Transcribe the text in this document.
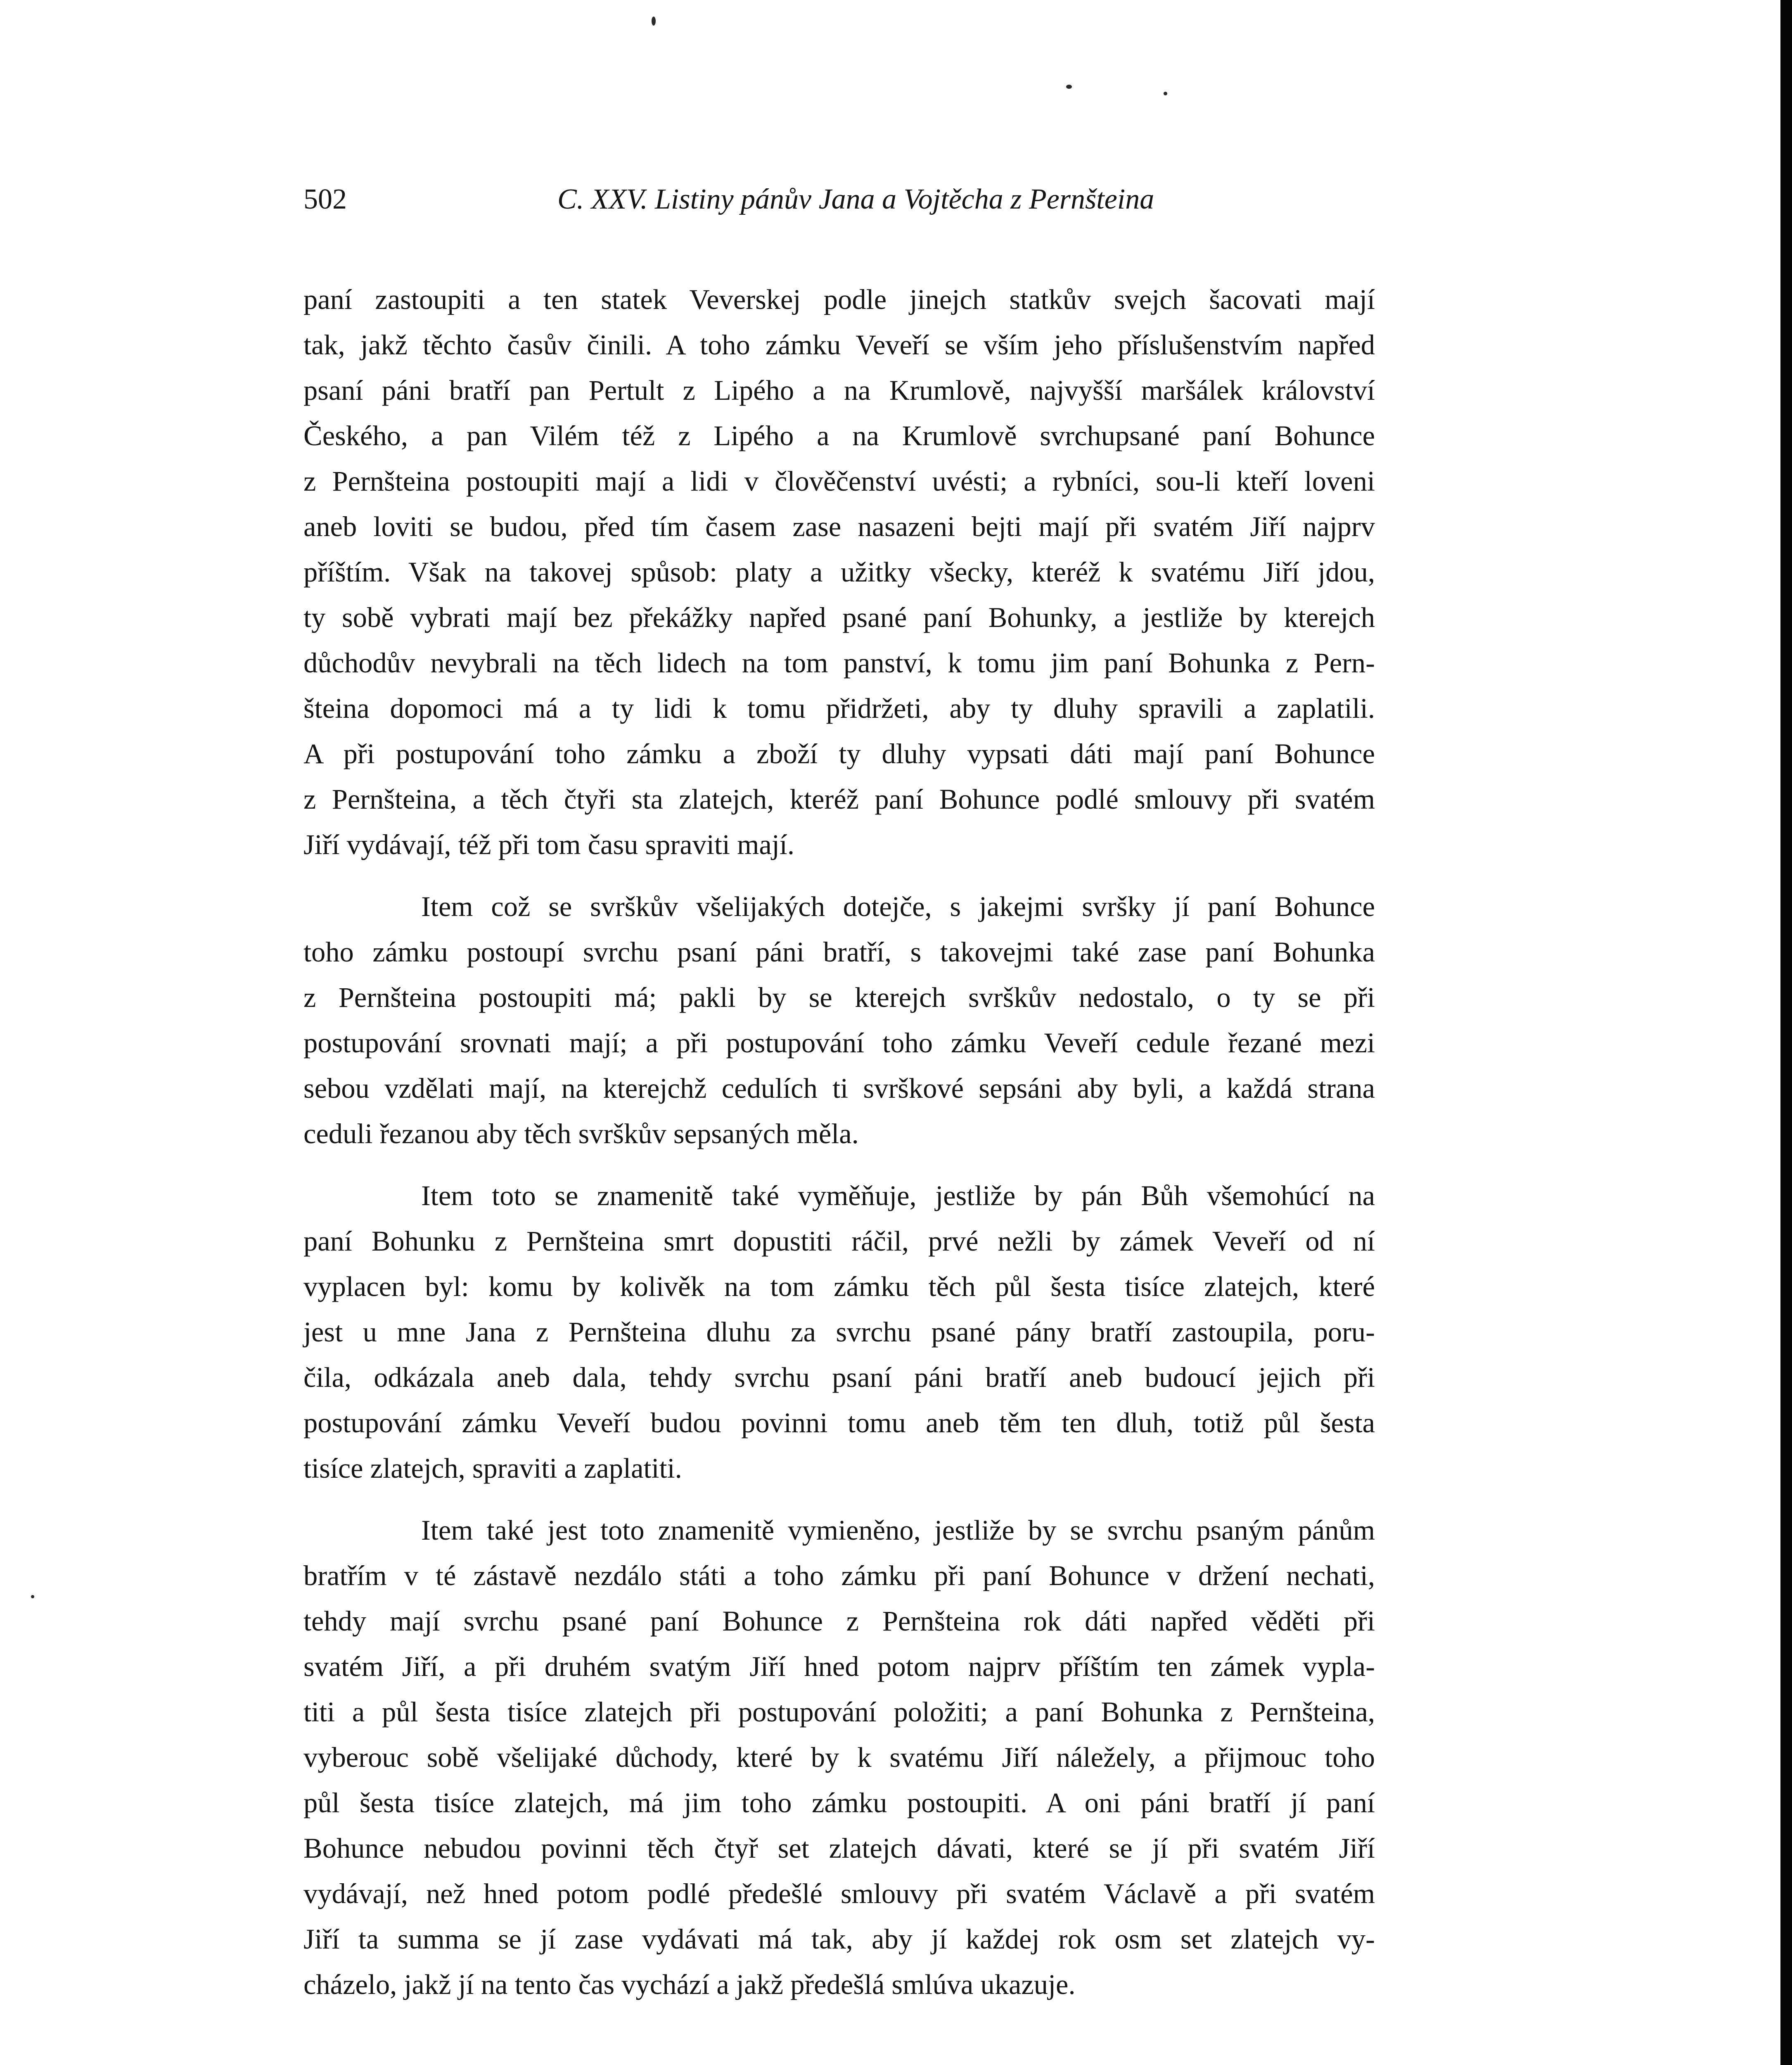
502	C. XXV. Listiny pánův Jana a Vojtěcha z Pernšteina

paní zastoupiti a ten statek Veverskej podle jinejch statkův svejch šacovati mají
tak, jakž těchto časův činili. A toho zámku Veveří se vším jeho příslušenstvím napřed
psaní páni bratří pan Pertult z Lipého a na Krumlově, najvyšší maršálek království
Českého, a pan Vilém též z Lipého a na Krumlově svrchupsané paní Bohunce
z Pernšteina postoupiti mají a lidi v člověčenství uvésti; a rybníci, sou-li kteří loveni
aneb loviti se budou, před tím časem zase nasazeni bejti mají při svatém Jiří najprv
příštím. Však na takovej spůsob: platy a užitky všecky, kteréž k svatému Jiří jdou,
ty sobě vybrati mají bez překážky napřed psané paní Bohunky, a jestliže by kterejch
důchodův nevybrali na těch lidech na tom panství, k tomu jim paní Bohunka z Pern-
šteina dopomoci má a ty lidi k tomu přidržeti, aby ty dluhy spravili a zaplatili.
A při postupování toho zámku a zboží ty dluhy vypsati dáti mají paní Bohunce
z Pernšteina, a těch čtyři sta zlatejch, kteréž paní Bohunce podlé smlouvy při svatém
Jiří vydávají, též při tom času spraviti mají.

Item což se svrškův všelijakých dotejče, s jakejmi svršky jí paní Bohunce
toho zámku postoupí svrchu psaní páni bratří, s takovejmi také zase paní Bohunka
z Pernšteina postoupiti má; pakli by se kterejch svrškův nedostalo, o ty se při
postupování srovnati mají; a při postupování toho zámku Veveří cedule řezané mezi
sebou vzdělati mají, na kterejchž cedulích ti svrškové sepsáni aby byli, a každá strana
ceduli řezanou aby těch svrškův sepsaných měla.

Item toto se znamenitě také vyměňuje, jestliže by pán Bůh všemohúcí na
paní Bohunku z Pernšteina smrt dopustiti ráčil, prvé nežli by zámek Veveří od ní
vyplacen byl: komu by kolivěk na tom zámku těch půl šesta tisíce zlatejch, které
jest u mne Jana z Pernšteina dluhu za svrchu psané pány bratří zastoupila, poru-
čila, odkázala aneb dala, tehdy svrchu psaní páni bratří aneb budoucí jejich při
postupování zámku Veveří budou povinni tomu aneb těm ten dluh, totiž půl šesta
tisíce zlatejch, spraviti a zaplatiti.

Item také jest toto znamenitě vymieněno, jestliže by se svrchu psaným pánům
bratřím v té zástavě nezdálo státi a toho zámku při paní Bohunce v držení nechati,
tehdy mají svrchu psané paní Bohunce z Pernšteina rok dáti napřed věděti při
svatém Jiří, a při druhém svatým Jiří hned potom najprv příštím ten zámek vypla-
titi a půl šesta tisíce zlatejch při postupování položiti; a paní Bohunka z Pernšteina,
vyberouc sobě všelijaké důchody, které by k svatému Jiří náležely, a přijmouc toho
půl šesta tisíce zlatejch, má jim toho zámku postoupiti. A oni páni bratří jí paní
Bohunce nebudou povinni těch čtyř set zlatejch dávati, které se jí při svatém Jiří
vydávají, než hned potom podlé předešlé smlouvy při svatém Václavě a při svatém
Jiří ta summa se jí zase vydávati má tak, aby jí každej rok osm set zlatejch vy-
cházelo, jakž jí na tento čas vychází a jakž předešlá smlúva ukazuje.
